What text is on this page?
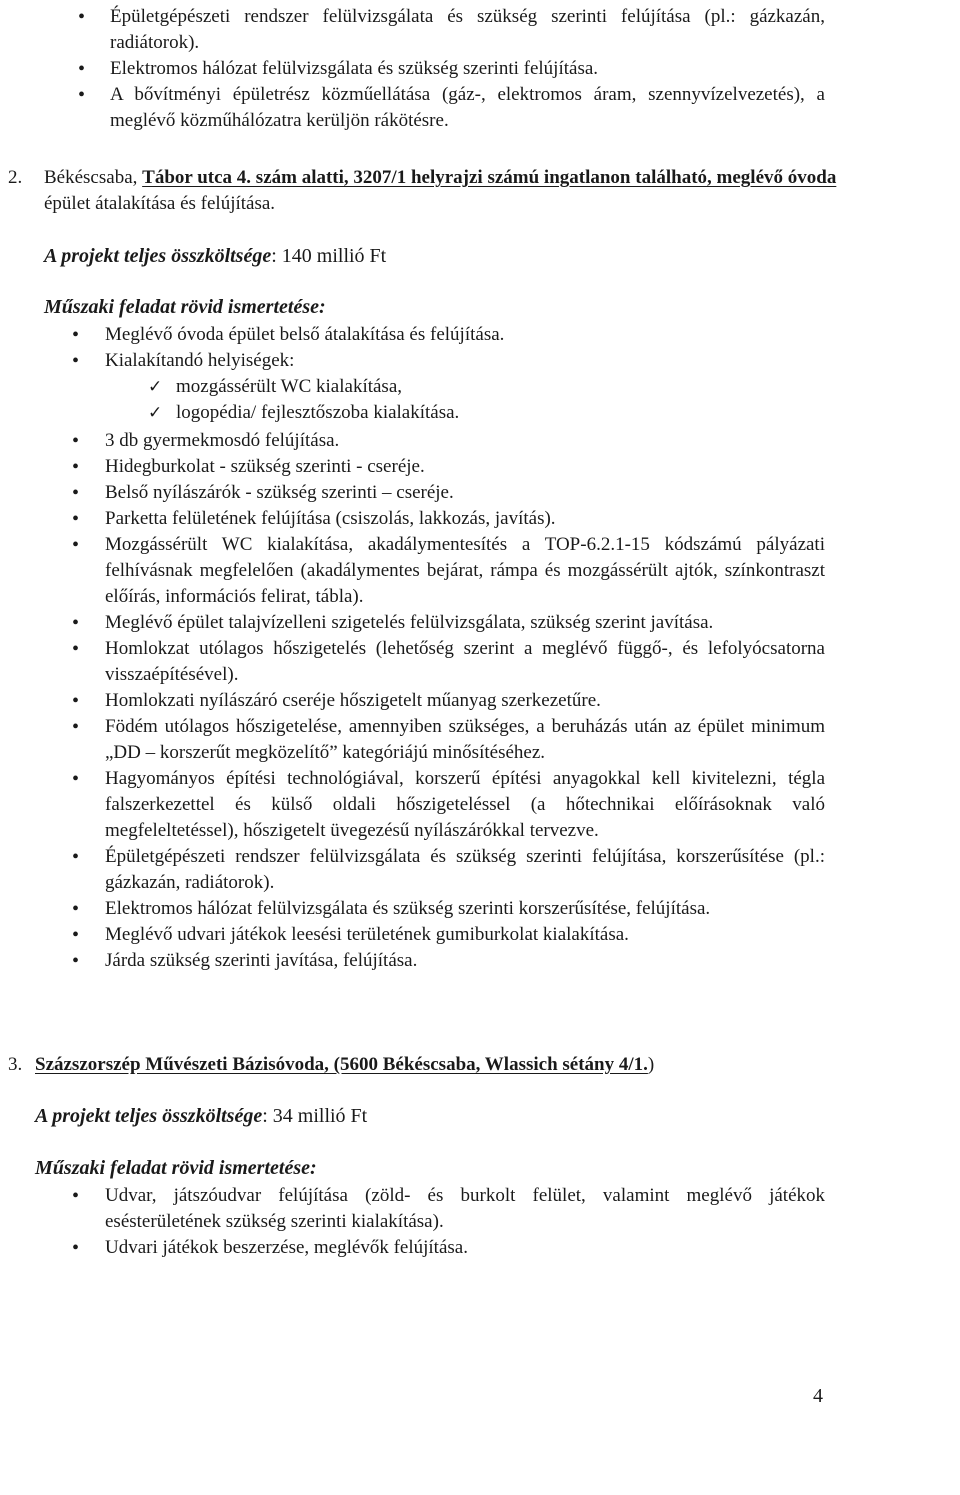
• Épületgépészeti rendszer felülvizsgálata és szükség szerinti felújítása (pl.: gázkazán, radiátorok).
• Elektromos hálózat felülvizsgálata és szükség szerinti felújítása.
• A bővítményi épületrész közműellátása (gáz-, elektromos áram, szennyvízelvezetés), a meglévő közműhálózatra kerüljön rákötésre.
2. Békéscsaba, Tábor utca 4. szám alatti, 3207/1 helyrajzi számú ingatlanon található, meglévő óvoda épület átalakítása és felújítása.
A projekt teljes összköltsége: 140 millió Ft
Műszaki feladat rövid ismertetése:
• Meglévő óvoda épület belső átalakítása és felújítása.
• Kialakítandó helyiségek:
✓ mozgássérült WC kialakítása,
✓ logopédia/ fejlesztőszoba kialakítása.
• 3 db gyermekmosdó felújítása.
• Hidegburkolat - szükség szerinti - cseréje.
• Belső nyílászárók - szükség szerinti – cseréje.
• Parketta felületének felújítása (csiszolás, lakkozás, javítás).
• Mozgássérült WC kialakítása, akadálymentesítés a TOP-6.2.1-15 kódszámú pályázati felhívásnak megfelelően (akadálymentes bejárat, rámpa és mozgássérült ajtók, színkontraszt előírás, információs felirat, tábla).
• Meglévő épület talajvízelleni szigetelés felülvizsgálata, szükség szerint javítása.
• Homlokzat utólagos hőszigetelés (lehetőség szerint a meglévő függő-, és lefolyócsatorna visszaépítésével).
• Homlokzati nyílászáró cseréje hőszigetelt műanyag szerkezetűre.
• Födém utólagos hőszigetelése, amennyiben szükséges, a beruházás után az épület minimum „DD – korszerűt megközelítő” kategóriájú minősítéséhez.
• Hagyományos építési technológiával, korszerű építési anyagokkal kell kivitelezni, tégla falszerkezettel és külső oldali hőszigeteléssel (a hőtechnikai előírásoknak való megfeleltetéssel), hőszigetelt üvegezésű nyílászárókkal tervezve.
• Épületgépészeti rendszer felülvizsgálata és szükség szerinti felújítása, korszerűsítése (pl.: gázkazán, radiátorok).
• Elektromos hálózat felülvizsgálata és szükség szerinti korszerűsítése, felújítása.
• Meglévő udvari játékok leesési területének gumiburkolat kialakítása.
• Járda szükség szerinti javítása, felújítása.
3. Százszorszép Művészeti Bázisóvoda, (5600 Békéscsaba, Wlassich sétány 4/1.)
A projekt teljes összköltsége: 34 millió Ft
Műszaki feladat rövid ismertetése:
• Udvar, játszóudvar felújítása (zöld- és burkolt felület, valamint meglévő játékok esésterületének szükség szerinti kialakítása).
• Udvari játékok beszerzése, meglévők felújítása.
4
